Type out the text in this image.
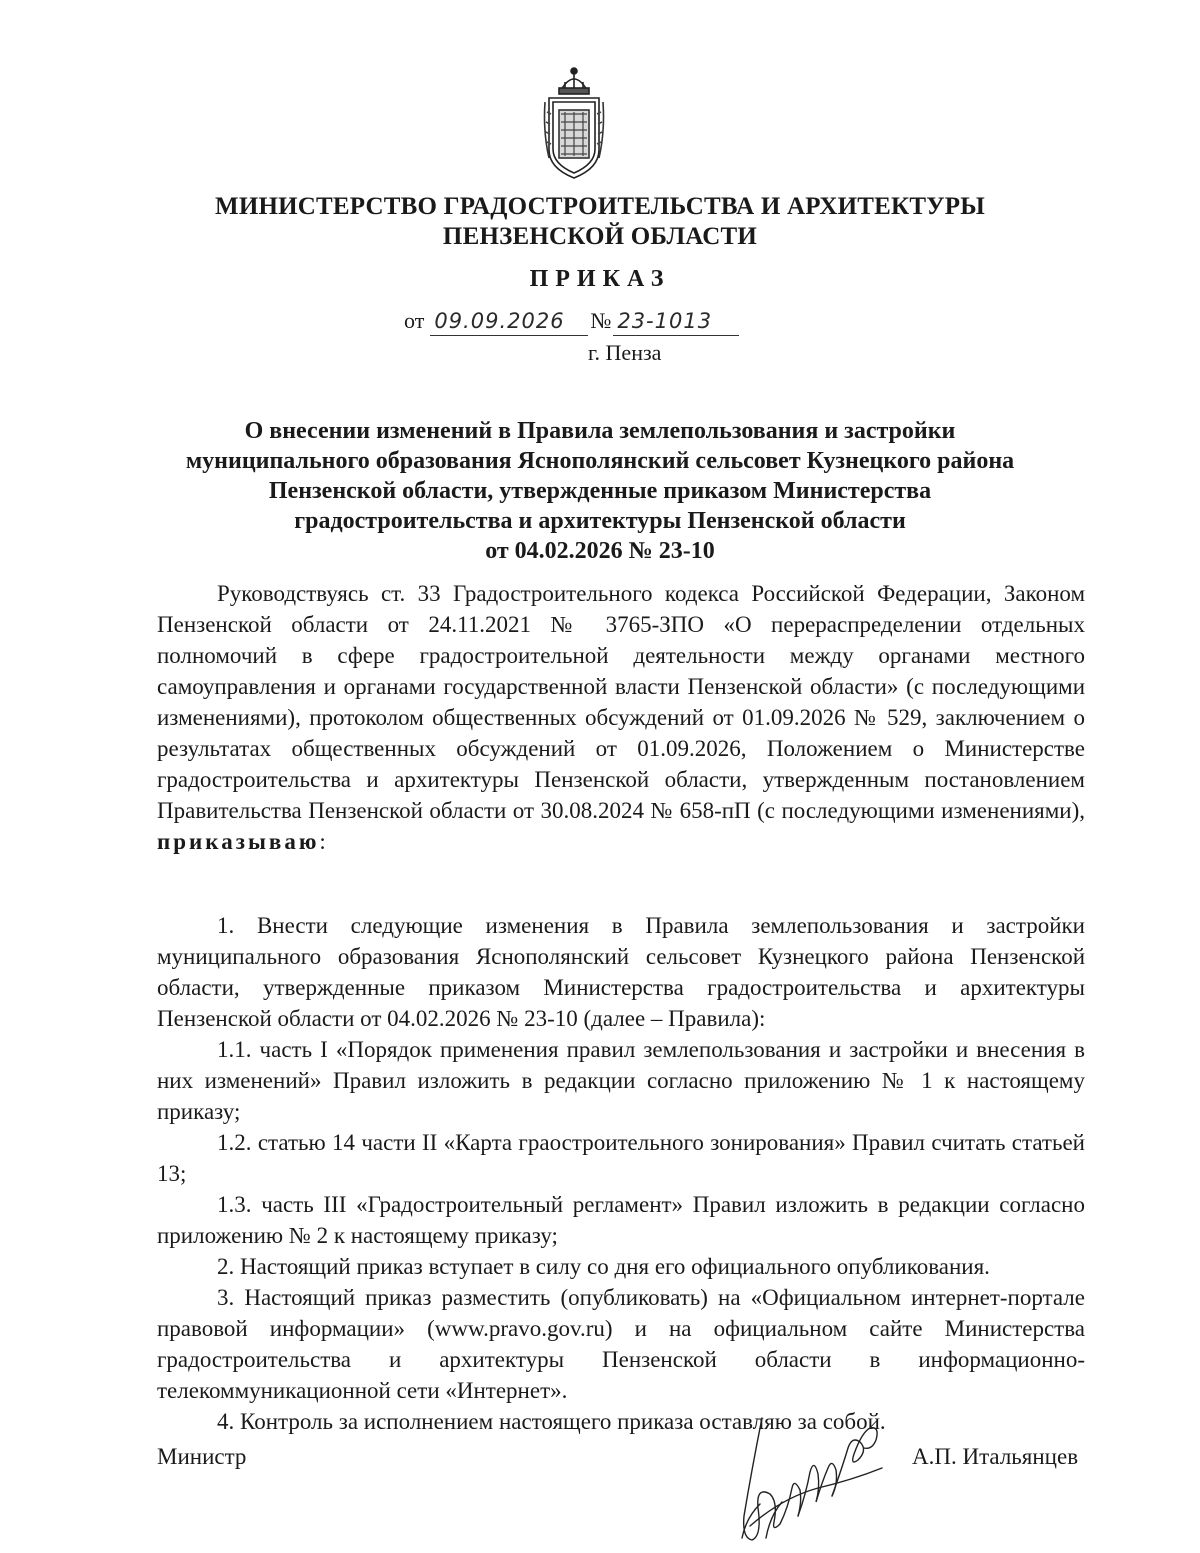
МИНИСТЕРСТВО ГРАДОСТРОИТЕЛЬСТВА И АРХИТЕКТУРЫ
ПЕНЗЕНСКОЙ ОБЛАСТИ
ПРИКАЗ
от 09.09.2026 № 23-1013
г. Пенза
О внесении изменений в Правила землепользования и застройки
муниципального образования Яснополянский сельсовет Кузнецкого района
Пензенской области, утвержденные приказом Министерства
градостроительства и архитектуры Пензенской области
от 04.02.2026 № 23-10

Руководствуясь ст. 33 Градостроительного кодекса Российской Федерации, Законом Пензенской области от 24.11.2021 № 3765-ЗПО «О перераспределении отдельных полномочий в сфере градостроительной деятельности между органами местного самоуправления и органами государственной власти Пензенской области» (с последующими изменениями), протоколом общественных обсуждений от 01.09.2026 № 529, заключением о результатах общественных обсуждений от 01.09.2026, Положением о Министерстве градостроительства и архитектуры Пензенской области, утвержденным постановлением Правительства Пензенской области от 30.08.2024 № 658-пП (с последующими изменениями), приказываю:

1. Внести следующие изменения в Правила землепользования и застройки муниципального образования Яснополянский сельсовет Кузнецкого района Пензенской области, утвержденные приказом Министерства градостроительства и архитектуры Пензенской области от 04.02.2026 № 23-10 (далее – Правила):

1.1. часть I «Порядок применения правил землепользования и застройки и внесения в них изменений» Правил изложить в редакции согласно приложению № 1 к настоящему приказу;

1.2. статью 14 части II «Карта граостроительного зонирования» Правил считать статьей 13;

1.3. часть III «Градостроительный регламент» Правил изложить в редакции согласно приложению № 2 к настоящему приказу;

2. Настоящий приказ вступает в силу со дня его официального опубликования.

3. Настоящий приказ разместить (опубликовать) на «Официальном интернет-портале правовой информации» (www.pravo.gov.ru) и на официальном сайте Министерства градостроительства и архитектуры Пензенской области в информационно-телекоммуникационной сети «Интернет».

4. Контроль за исполнением настоящего приказа оставляю за собой.

Министр	А.П. Итальянцев
